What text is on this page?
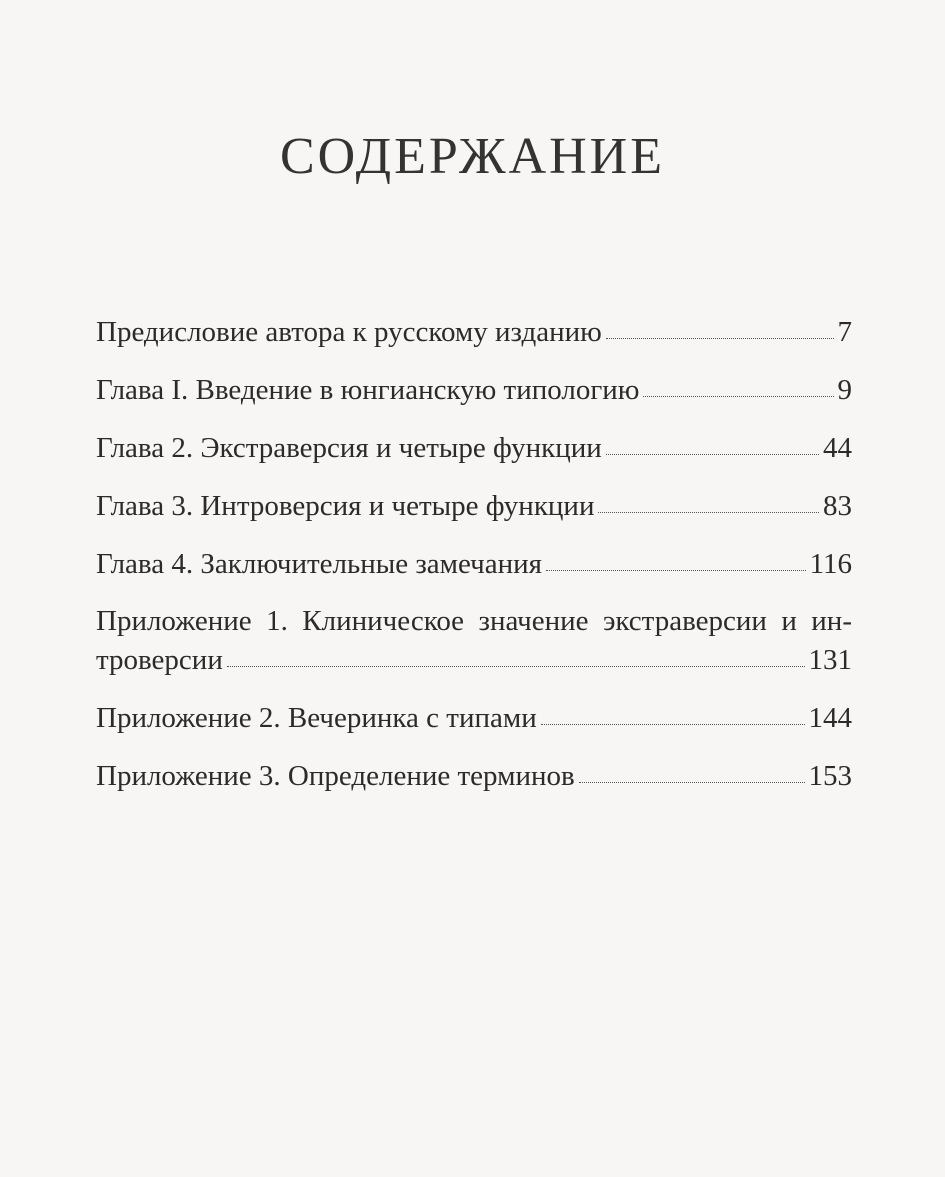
СОДЕРЖАНИЕ
Предисловие автора к русскому изданию	7
Глава I. Введение в юнгианскую типологию	9
Глава 2. Экстраверсия и четыре функции	44
Глава 3. Интроверсия и четыре функции	83
Глава 4. Заключительные замечания	116
Приложение 1. Клиническое значение экстраверсии и ин-
троверсии	131
Приложение 2. Вечеринка с типами	144
Приложение 3. Определение терминов	153
